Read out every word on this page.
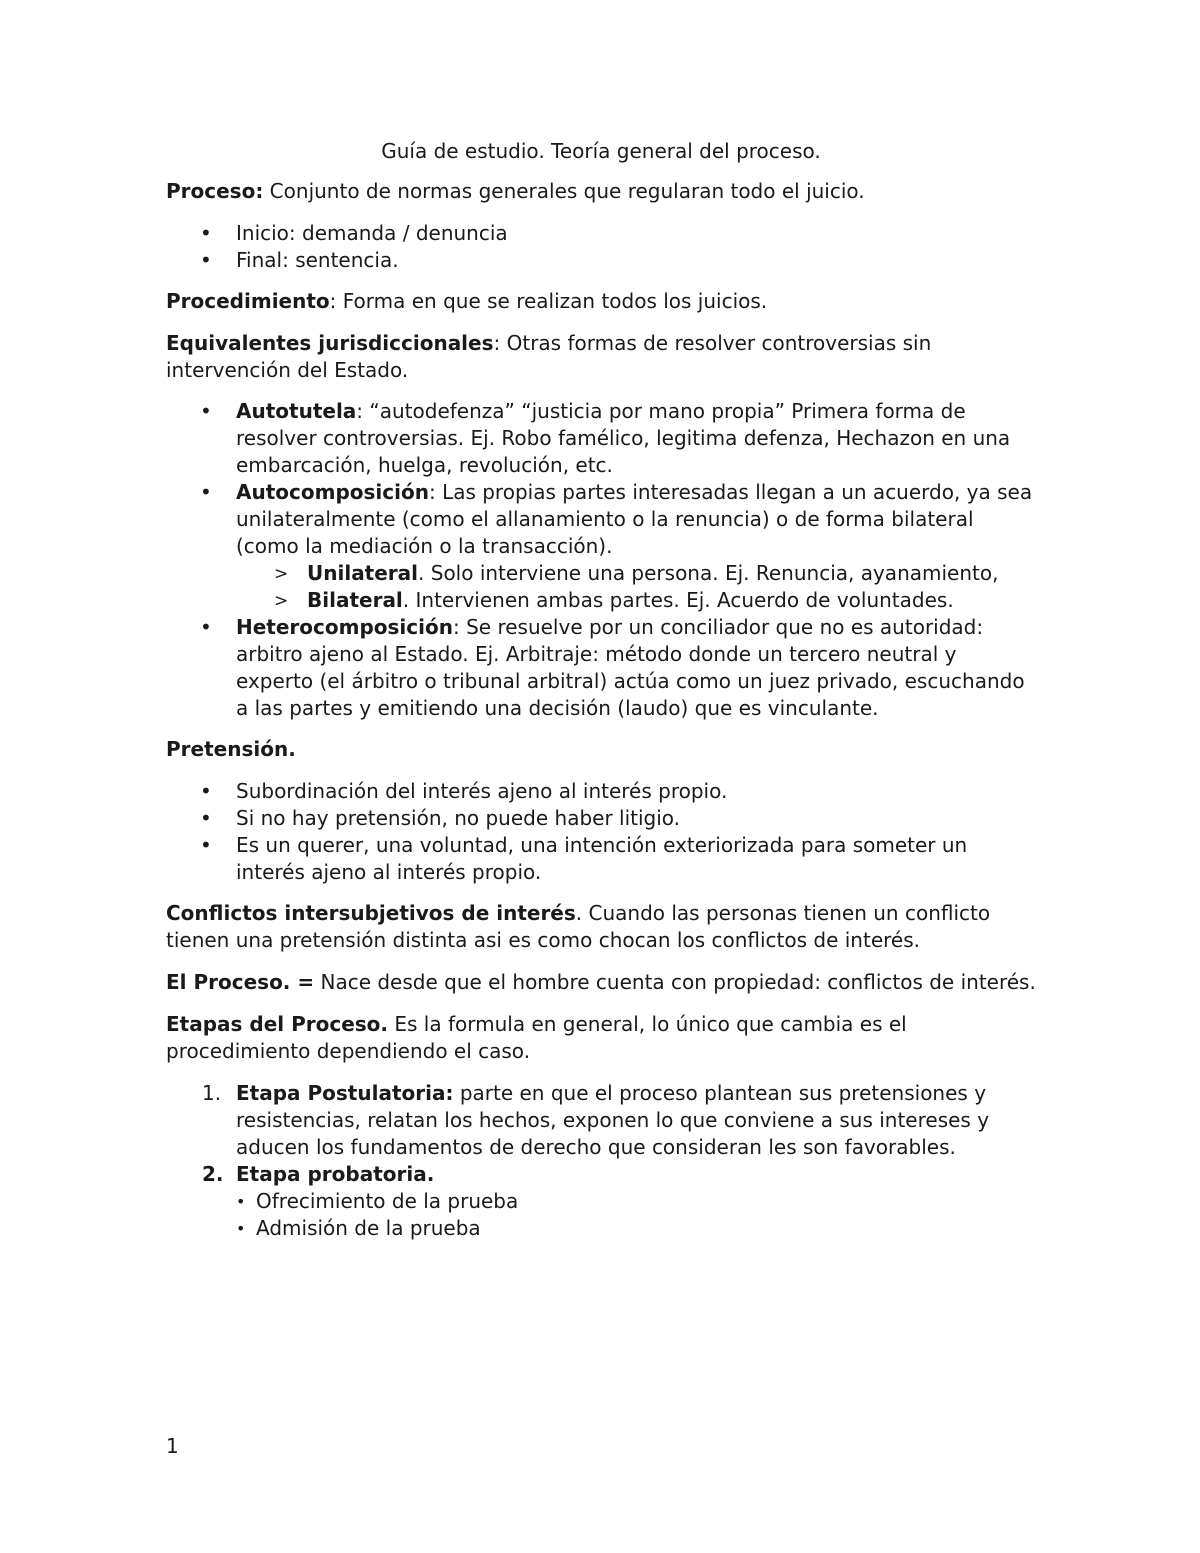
Guía de estudio. Teoría general del proceso.

Proceso: Conjunto de normas generales que regularan todo el juicio.

• Inicio: demanda / denuncia
• Final: sentencia.

Procedimiento: Forma en que se realizan todos los juicios.

Equivalentes jurisdiccionales: Otras formas de resolver controversias sin intervención del Estado.

• Autotutela: “autodefenza” “justicia por mano propia” Primera forma de resolver controversias. Ej. Robo famélico, legitima defenza, Hechazon en una embarcación, huelga, revolución, etc.
• Autocomposición: Las propias partes interesadas llegan a un acuerdo, ya sea unilateralmente (como el allanamiento o la renuncia) o de forma bilateral (como la mediación o la transacción).
> Unilateral. Solo interviene una persona. Ej. Renuncia, ayanamiento,
> Bilateral. Intervienen ambas partes. Ej. Acuerdo de voluntades.
• Heterocomposición: Se resuelve por un conciliador que no es autoridad: arbitro ajeno al Estado. Ej. Arbitraje: método donde un tercero neutral y experto (el árbitro o tribunal arbitral) actúa como un juez privado, escuchando a las partes y emitiendo una decisión (laudo) que es vinculante.

Pretensión.

• Subordinación del interés ajeno al interés propio.
• Si no hay pretensión, no puede haber litigio.
• Es un querer, una voluntad, una intención exteriorizada para someter un interés ajeno al interés propio.

Conflictos intersubjetivos de interés. Cuando las personas tienen un conflicto tienen una pretensión distinta asi es como chocan los conflictos de interés.

El Proceso. = Nace desde que el hombre cuenta con propiedad: conflictos de interés.

Etapas del Proceso. Es la formula en general, lo único que cambia es el procedimiento dependiendo el caso.

1. Etapa Postulatoria: parte en que el proceso plantean sus pretensiones y resistencias, relatan los hechos, exponen lo que conviene a sus intereses y aducen los fundamentos de derecho que consideran les son favorables.
2. Etapa probatoria.
• Ofrecimiento de la prueba
• Admisión de la prueba
1
